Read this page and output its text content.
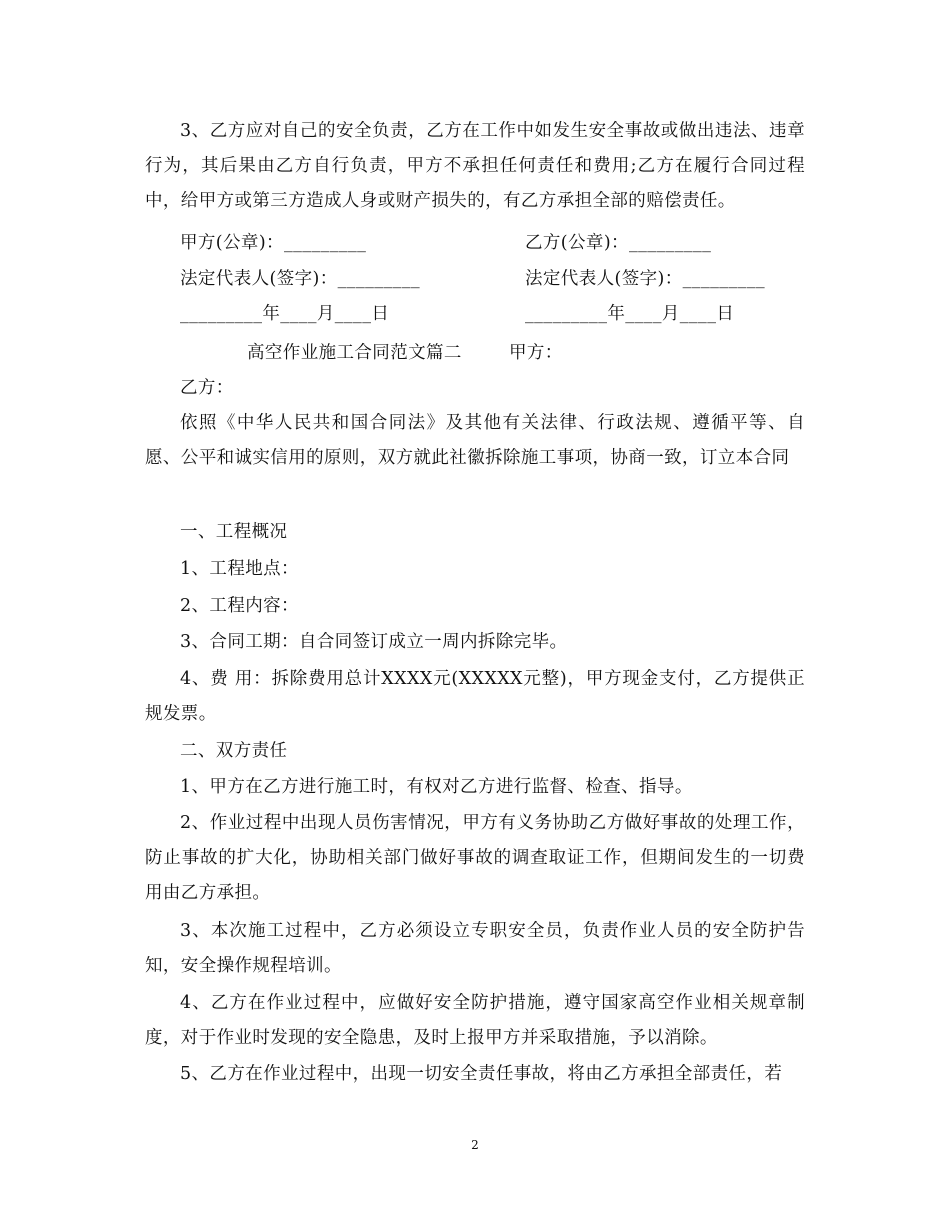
3、乙方应对自己的安全负责，乙方在工作中如发生安全事故或做出违法、违章行为，其后果由乙方自行负责，甲方不承担任何责任和费用;乙方在履行合同过程中，给甲方或第三方造成人身或财产损失的，有乙方承担全部的赔偿责任。

甲方(公章)：_________	乙方(公章)：_________
法定代表人(签字)：_________	法定代表人(签字)：_________
_________年____月____日	_________年____月____日
高空作业施工合同范文篇二	甲方：
乙方：

依照《中华人民共和国合同法》及其他有关法律、行政法规、遵循平等、自愿、公平和诚实信用的原则，双方就此社徽拆除施工事项，协商一致，订立本合同

一、工程概况
1、工程地点：
2、工程内容：
3、合同工期：自合同签订成立一周内拆除完毕。

4、费 用：拆除费用总计XXXX元(XXXXX元整)，甲方现金支付，乙方提供正规发票。

二、双方责任

1、甲方在乙方进行施工时，有权对乙方进行监督、检查、指导。

2、作业过程中出现人员伤害情况，甲方有义务协助乙方做好事故的处理工作，防止事故的扩大化，协助相关部门做好事故的调查取证工作，但期间发生的一切费用由乙方承担。

3、本次施工过程中，乙方必须设立专职安全员，负责作业人员的安全防护告知，安全操作规程培训。

4、乙方在作业过程中，应做好安全防护措施，遵守国家高空作业相关规章制度，对于作业时发现的安全隐患，及时上报甲方并采取措施，予以消除。

5、乙方在作业过程中，出现一切安全责任事故，将由乙方承担全部责任，若

2
